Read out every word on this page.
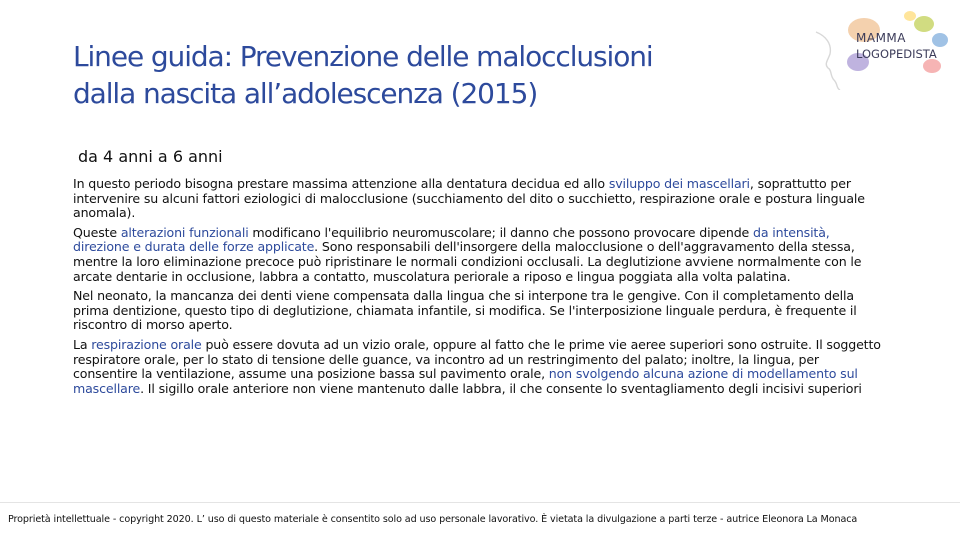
Linee guida: Prevenzione delle malocclusioni
dalla nascita all’adolescenza (2015)
MAMMA
LOGOPEDISTA
da 4 anni a 6 anni

In questo periodo bisogna prestare massima attenzione alla dentatura decidua ed allo sviluppo dei mascellari, soprattutto per intervenire su alcuni fattori eziologici di malocclusione (succhiamento del dito o succhietto, respirazione orale e postura linguale anomala).

Queste alterazioni funzionali modificano l'equilibrio neuromuscolare; il danno che possono provocare dipende da intensità, direzione e durata delle forze applicate. Sono responsabili dell'insorgere della malocclusione o dell'aggravamento della stessa, mentre la loro eliminazione precoce può ripristinare le normali condizioni occlusali. La deglutizione avviene normalmente con le arcate dentarie in occlusione, labbra a contatto, muscolatura periorale a riposo e lingua poggiata alla volta palatina.

Nel neonato, la mancanza dei denti viene compensata dalla lingua che si interpone tra le gengive. Con il completamento della prima dentizione, questo tipo di deglutizione, chiamata infantile, si modifica. Se l'interposizione linguale perdura, è frequente il riscontro di morso aperto.

La respirazione orale può essere dovuta ad un vizio orale, oppure al fatto che le prime vie aeree superiori sono ostruite. Il soggetto respiratore orale, per lo stato di tensione delle guance, va incontro ad un restringimento del palato; inoltre, la lingua, per consentire la ventilazione, assume una posizione bassa sul pavimento orale, non svolgendo alcuna azione di modellamento sul mascellare. Il sigillo orale anteriore non viene mantenuto dalle labbra, il che consente lo sventagliamento degli incisivi superiori

Proprietà intellettuale - copyright 2020. L’ uso di questo materiale è consentito solo ad uso personale lavorativo. È vietata la divulgazione a parti terze - autrice Eleonora La Monaca
